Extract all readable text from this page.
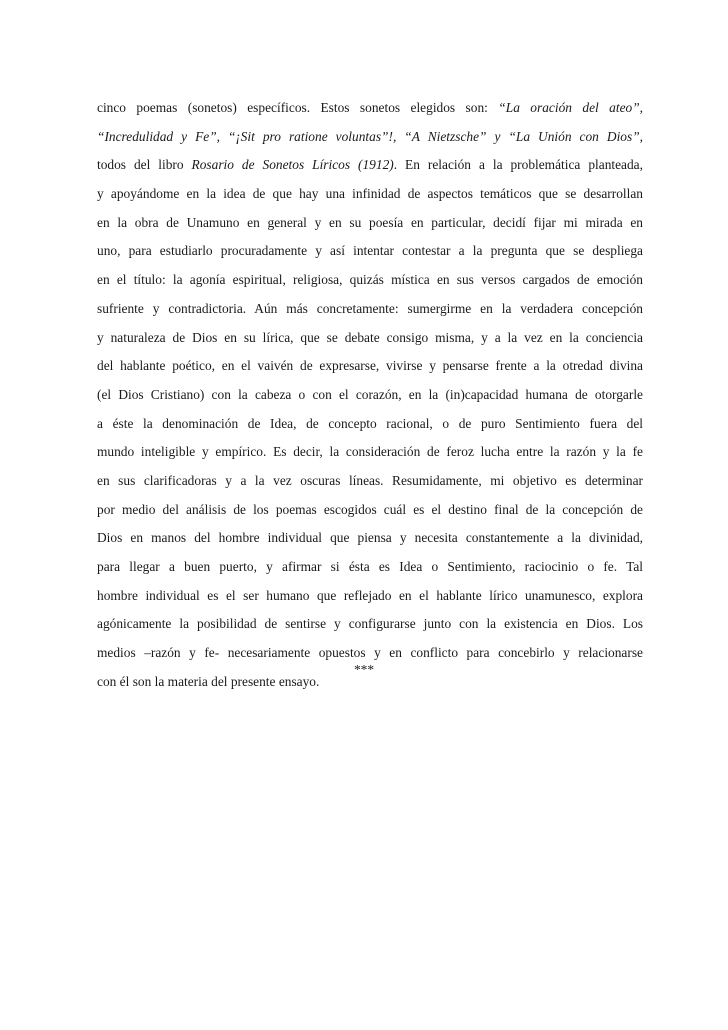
cinco poemas (sonetos) específicos. Estos sonetos elegidos son: “La oración del ateo”,
“Incredulidad y Fe”, “¡Sit pro ratione voluntas”!, “A Nietzsche” y “La Unión con Dios”,
todos del libro Rosario de Sonetos Líricos (1912). En relación a la problemática planteada,
y apoyándome en la idea de que hay una infinidad de aspectos temáticos que se desarrollan
en la obra de Unamuno en general y en su poesía en particular, decidí fijar mi mirada en
uno, para estudiarlo procuradamente y así intentar contestar a la pregunta que se despliega
en el título: la agonía espiritual, religiosa, quizás mística en sus versos cargados de emoción
sufriente y contradictoria. Aún más concretamente: sumergirme en la verdadera concepción
y naturaleza de Dios en su lírica, que se debate consigo misma, y a la vez en la conciencia
del hablante poético, en el vaivén de expresarse, vivirse y pensarse frente a la otredad divina
(el Dios Cristiano) con la cabeza o con el corazón, en la (in)capacidad humana de otorgarle
a éste la denominación de Idea, de concepto racional, o de puro Sentimiento fuera del
mundo inteligible y empírico. Es decir, la consideración de feroz lucha entre la razón y la fe
en sus clarificadoras y a la vez oscuras líneas. Resumidamente, mi objetivo es determinar
por medio del análisis de los poemas escogidos cuál es el destino final de la concepción de
Dios en manos del hombre individual que piensa y necesita constantemente a la divinidad,
para llegar a buen puerto, y afirmar si ésta es Idea o Sentimiento, raciocinio o fe. Tal
hombre individual es el ser humano que reflejado en el hablante lírico unamunesco, explora
agónicamente la posibilidad de sentirse y configurarse junto con la existencia en Dios. Los
medios –razón y fe- necesariamente opuestos y en conflicto para concebirlo y relacionarse
con él son la materia del presente ensayo.
***
